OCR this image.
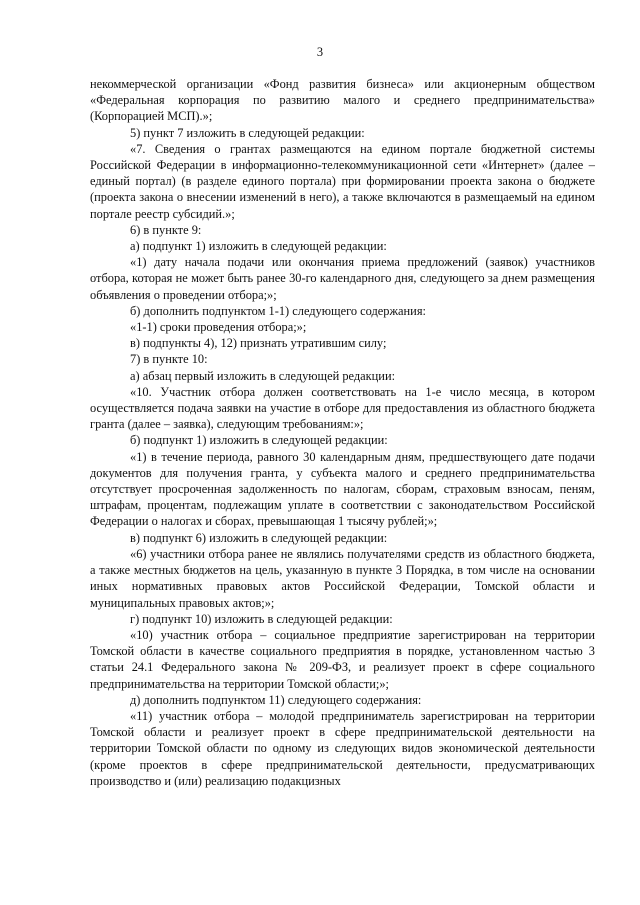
3

некоммерческой организации «Фонд развития бизнеса» или акционерным обществом «Федеральная корпорация по развитию малого и среднего предпринимательства» (Корпорацией МСП).»;

5) пункт 7 изложить в следующей редакции:

«7. Сведения о грантах размещаются на едином портале бюджетной системы Российской Федерации в информационно-телекоммуникационной сети «Интернет» (далее – единый портал) (в разделе единого портала) при формировании проекта закона о бюджете (проекта закона о внесении изменений в него), а также включаются в размещаемый на едином портале реестр субсидий.»;

6) в пункте 9:

а) подпункт 1) изложить в следующей редакции:

«1) дату начала подачи или окончания приема предложений (заявок) участников отбора, которая не может быть ранее 30-го календарного дня, следующего за днем размещения объявления о проведении отбора;»;

б) дополнить подпунктом 1-1) следующего содержания:

«1-1) сроки проведения отбора;»;

в) подпункты 4), 12) признать утратившим силу;

7) в пункте 10:

а) абзац первый изложить в следующей редакции:

«10. Участник отбора должен соответствовать на 1-е число месяца, в котором осуществляется подача заявки на участие в отборе для предоставления из областного бюджета гранта (далее – заявка), следующим требованиям:»;

б) подпункт 1) изложить в следующей редакции:

«1) в течение периода, равного 30 календарным дням, предшествующего дате подачи документов для получения гранта, у субъекта малого и среднего предпринимательства отсутствует просроченная задолженность по налогам, сборам, страховым взносам, пеням, штрафам, процентам, подлежащим уплате в соответствии с законодательством Российской Федерации о налогах и сборах, превышающая 1 тысячу рублей;»;

в) подпункт 6) изложить в следующей редакции:

«6) участники отбора ранее не являлись получателями средств из областного бюджета, а также местных бюджетов на цель, указанную в пункте 3 Порядка, в том числе на основании иных нормативных правовых актов Российской Федерации, Томской области и муниципальных правовых актов;»;

г) подпункт 10) изложить в следующей редакции:

«10) участник отбора – социальное предприятие зарегистрирован на территории Томской области в качестве социального предприятия в порядке, установленном частью 3 статьи 24.1 Федерального закона № 209-ФЗ, и реализует проект в сфере социального предпринимательства на территории Томской области;»;

д) дополнить подпунктом 11) следующего содержания:

«11) участник отбора – молодой предприниматель зарегистрирован на территории Томской области и реализует проект в сфере предпринимательской деятельности на территории Томской области по одному из следующих видов экономической деятельности (кроме проектов в сфере предпринимательской деятельности, предусматривающих производство и (или) реализацию подакцизных
